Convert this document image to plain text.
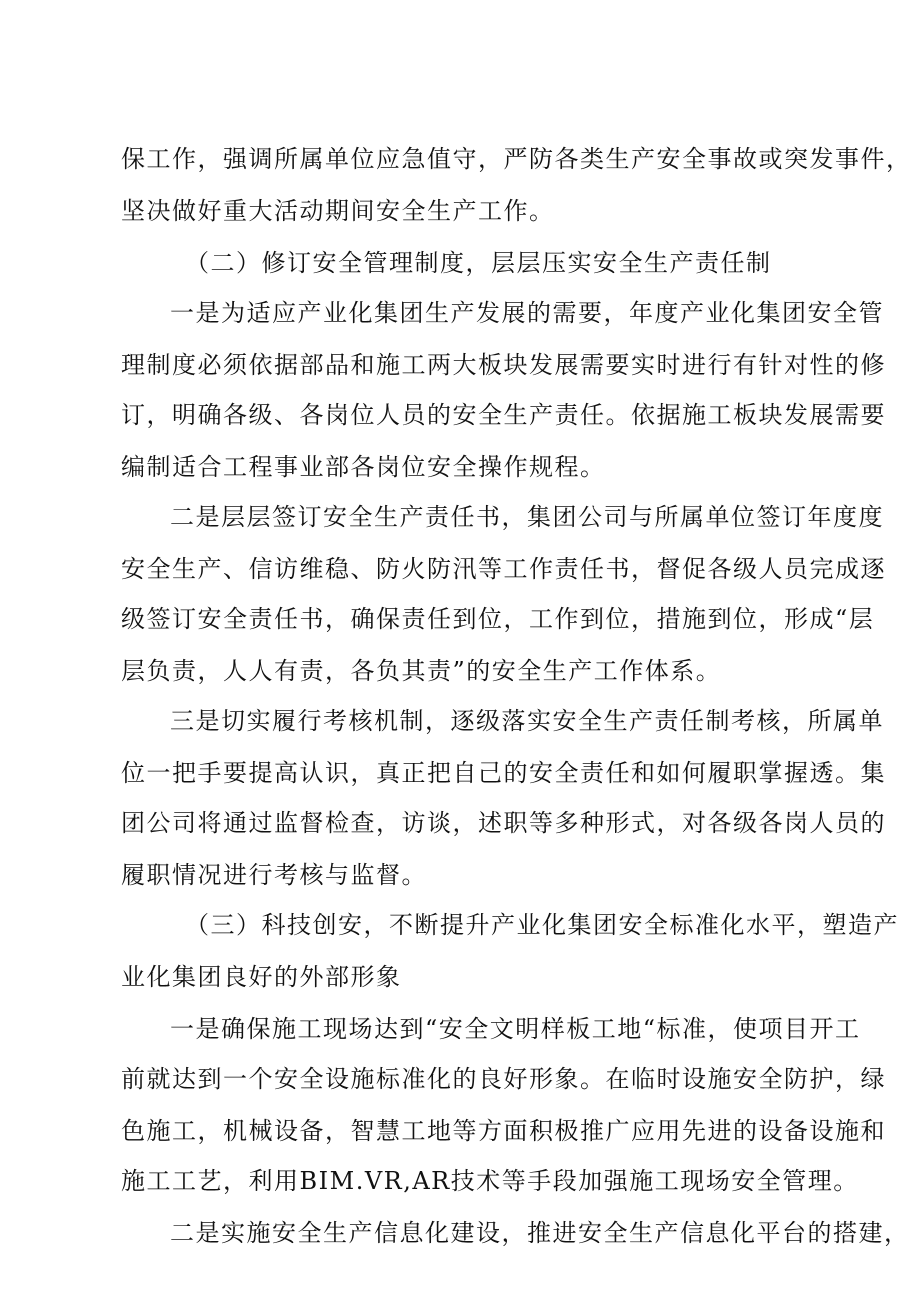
保工作，强调所属单位应急值守，严防各类生产安全事故或突发事件，
坚决做好重大活动期间安全生产工作。
（二）修订安全管理制度，层层压实安全生产责任制
一是为适应产业化集团生产发展的需要，年度产业化集团安全管
理制度必须依据部品和施工两大板块发展需要实时进行有针对性的修
订，明确各级、各岗位人员的安全生产责任。依据施工板块发展需要
编制适合工程事业部各岗位安全操作规程。
二是层层签订安全生产责任书，集团公司与所属单位签订年度度
安全生产、信访维稳、防火防汛等工作责任书，督促各级人员完成逐
级签订安全责任书，确保责任到位，工作到位，措施到位，形成“层
层负责，人人有责，各负其责”的安全生产工作体系。
三是切实履行考核机制，逐级落实安全生产责任制考核，所属单
位一把手要提高认识，真正把自己的安全责任和如何履职掌握透。集
团公司将通过监督检查，访谈，述职等多种形式，对各级各岗人员的
履职情况进行考核与监督。
（三）科技创安，不断提升产业化集团安全标准化水平，塑造产
业化集团良好的外部形象
一是确保施工现场达到“安全文明样板工地“标准，使项目开工
前就达到一个安全设施标准化的良好形象。在临时设施安全防护，绿
色施工，机械设备，智慧工地等方面积极推广应用先进的设备设施和
施工工艺，利用BIM.VR,AR技术等手段加强施工现场安全管理。
二是实施安全生产信息化建设，推进安全生产信息化平台的搭建，
